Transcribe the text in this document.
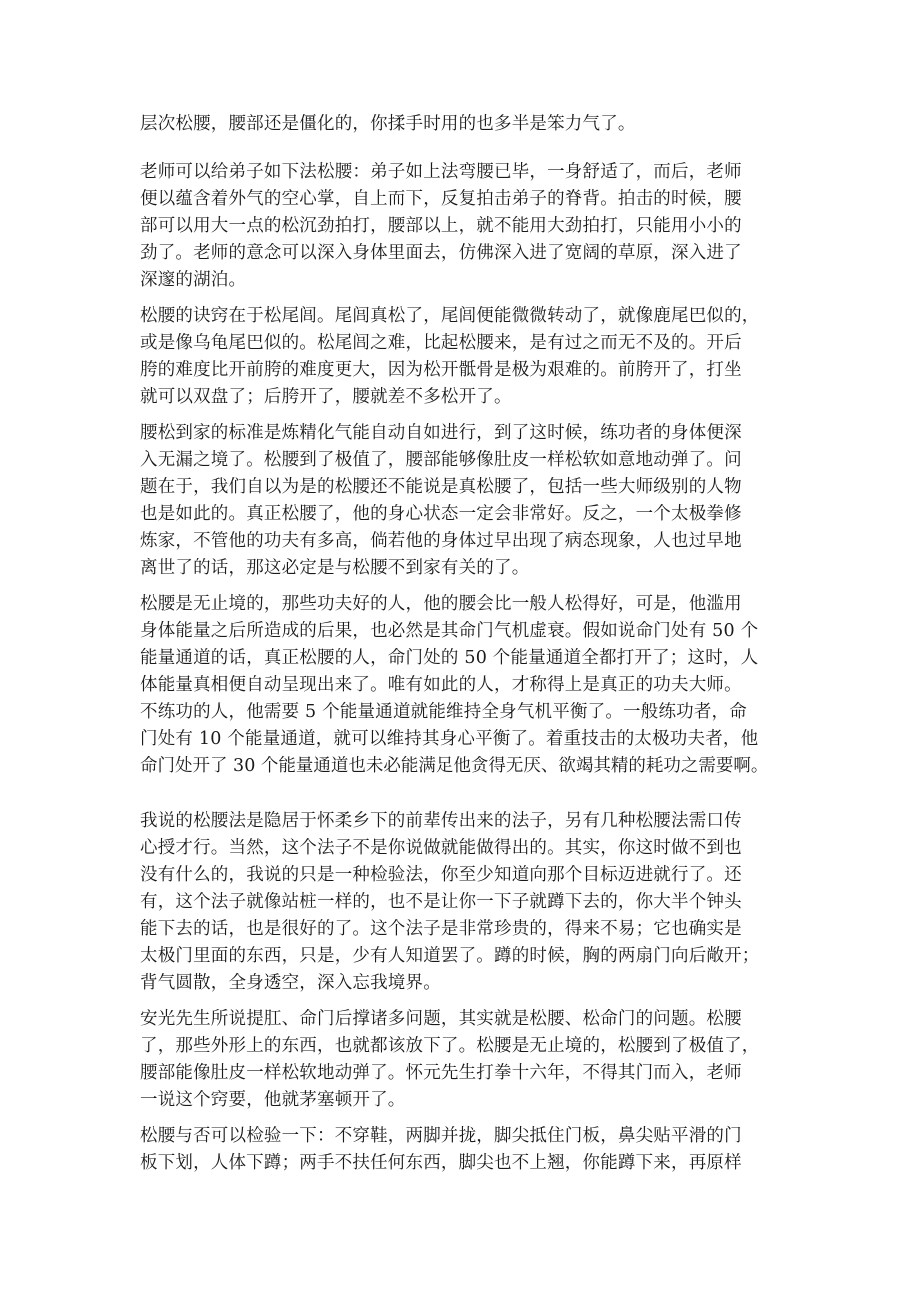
层次松腰，腰部还是僵化的，你揉手时用的也多半是笨力气了。
老师可以给弟子如下法松腰：弟子如上法弯腰已毕，一身舒适了，而后，老师
便以蕴含着外气的空心掌，自上而下，反复拍击弟子的脊背。拍击的时候，腰
部可以用大一点的松沉劲拍打，腰部以上，就不能用大劲拍打，只能用小小的
劲了。老师的意念可以深入身体里面去，仿佛深入进了宽阔的草原，深入进了
深邃的湖泊。
松腰的诀窍在于松尾闾。尾闾真松了，尾闾便能微微转动了，就像鹿尾巴似的，
或是像乌龟尾巴似的。松尾闾之难，比起松腰来，是有过之而无不及的。开后
胯的难度比开前胯的难度更大，因为松开骶骨是极为艰难的。前胯开了，打坐
就可以双盘了；后胯开了，腰就差不多松开了。
腰松到家的标准是炼精化气能自动自如进行，到了这时候，练功者的身体便深
入无漏之境了。松腰到了极值了，腰部能够像肚皮一样松软如意地动弹了。问
题在于，我们自以为是的松腰还不能说是真松腰了，包括一些大师级别的人物
也是如此的。真正松腰了，他的身心状态一定会非常好。反之，一个太极拳修
炼家，不管他的功夫有多高，倘若他的身体过早出现了病态现象，人也过早地
离世了的话，那这必定是与松腰不到家有关的了。
松腰是无止境的，那些功夫好的人，他的腰会比一般人松得好，可是，他滥用
身体能量之后所造成的后果，也必然是其命门气机虚衰。假如说命门处有 50 个
能量通道的话，真正松腰的人，命门处的 50 个能量通道全都打开了；这时，人
体能量真相便自动呈现出来了。唯有如此的人，才称得上是真正的功夫大师。
不练功的人，他需要 5 个能量通道就能维持全身气机平衡了。一般练功者，命
门处有 10 个能量通道，就可以维持其身心平衡了。着重技击的太极功夫者，他
命门处开了 30 个能量通道也未必能满足他贪得无厌、欲竭其精的耗功之需要啊。
我说的松腰法是隐居于怀柔乡下的前辈传出来的法子，另有几种松腰法需口传
心授才行。当然，这个法子不是你说做就能做得出的。其实，你这时做不到也
没有什么的，我说的只是一种检验法，你至少知道向那个目标迈进就行了。还
有，这个法子就像站桩一样的，也不是让你一下子就蹲下去的，你大半个钟头
能下去的话，也是很好的了。这个法子是非常珍贵的，得来不易；它也确实是
太极门里面的东西，只是，少有人知道罢了。蹲的时候，胸的两扇门向后敞开；
背气圆散，全身透空，深入忘我境界。
安光先生所说提肛、命门后撑诸多问题，其实就是松腰、松命门的问题。松腰
了，那些外形上的东西，也就都该放下了。松腰是无止境的，松腰到了极值了，
腰部能像肚皮一样松软地动弹了。怀元先生打拳十六年，不得其门而入，老师
一说这个窍要，他就茅塞顿开了。
松腰与否可以检验一下：不穿鞋，两脚并拢，脚尖抵住门板，鼻尖贴平滑的门
板下划，人体下蹲；两手不扶任何东西，脚尖也不上翘，你能蹲下来，再原样
